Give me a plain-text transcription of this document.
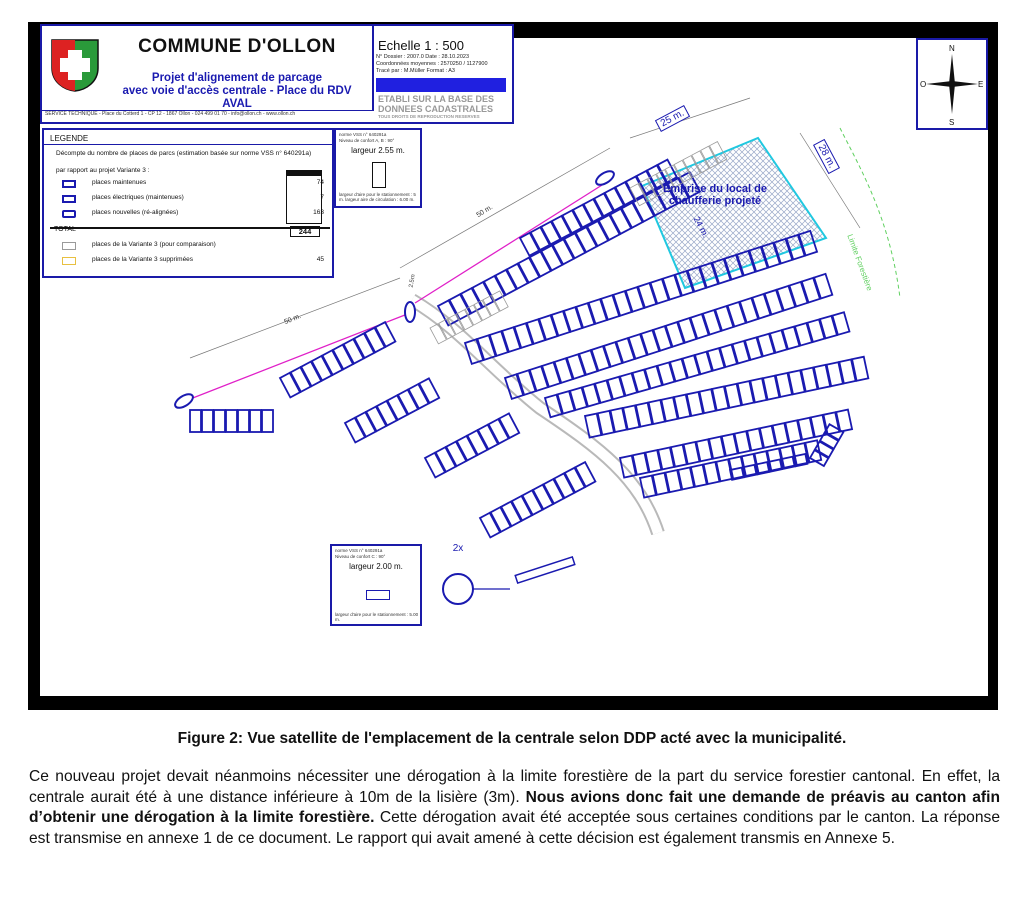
Emprise du local de
chaufferie projeté
25 m.
28 m.
24 m.
50 m.
50 m.
2.5m	Limite Forestière
2x
COMMUNE D'OLLON
Projet d'alignement de parcage
avec voie d'accès centrale - Place du RDV AVAL
Echelle 1 : 500
N° Dossier : 2007.0 Date : 28.10.2023
Coordonnées moyennes : 2570250 / 1127900
Tracé par : M.Müller Format : A3
ETABLI SUR LA BASE DES
DONNEES CADASTRALES
TOUS DROITS DE REPRODUCTION RESERVES
SERVICE TECHNIQUE - Place du Cotterd 1 - CP 12 - 1867 Ollon - 024 499 01 70 - info@ollon.ch - www.ollon.ch
N
S
E
O
LEGENDE
Décompte du nombre de places de parcs (estimation basée sur norme VSS n° 640291a)
par rapport au projet Variante 3 :
places maintenues	74
places électriques (maintenues)	7
places nouvelles (ré-alignées)	163
TOTAL	244
places de la Variante 3 (pour comparaison)
places de la Variante 3 supprimées	45
norme VSS n° 640291a
Niveau de confort A, B : 90°
largeur 2.55 m.
largeur d'aire pour le stationnement : 5 m. largeur aire de circulation : 6.00 m.
norme VSS n° 640291a
Niveau de confort C : 90°
largeur 2.00 m.
largeur d'aire pour le stationnement : 5.00 m.
Figure 2: Vue satellite de l'emplacement de la centrale selon DDP acté avec la municipalité.
Ce nouveau projet devait néanmoins nécessiter une dérogation à la limite forestière de la part du service forestier cantonal. En effet, la centrale aurait été à une distance inférieure à 10m de la lisière (3m). Nous avions donc fait une demande de préavis au canton afin d’obtenir une dérogation à la limite forestière. Cette dérogation avait été acceptée sous certaines conditions par le canton. La réponse est transmise en annexe 1 de ce document. Le rapport qui avait amené à cette décision est également transmis en Annexe 5.
